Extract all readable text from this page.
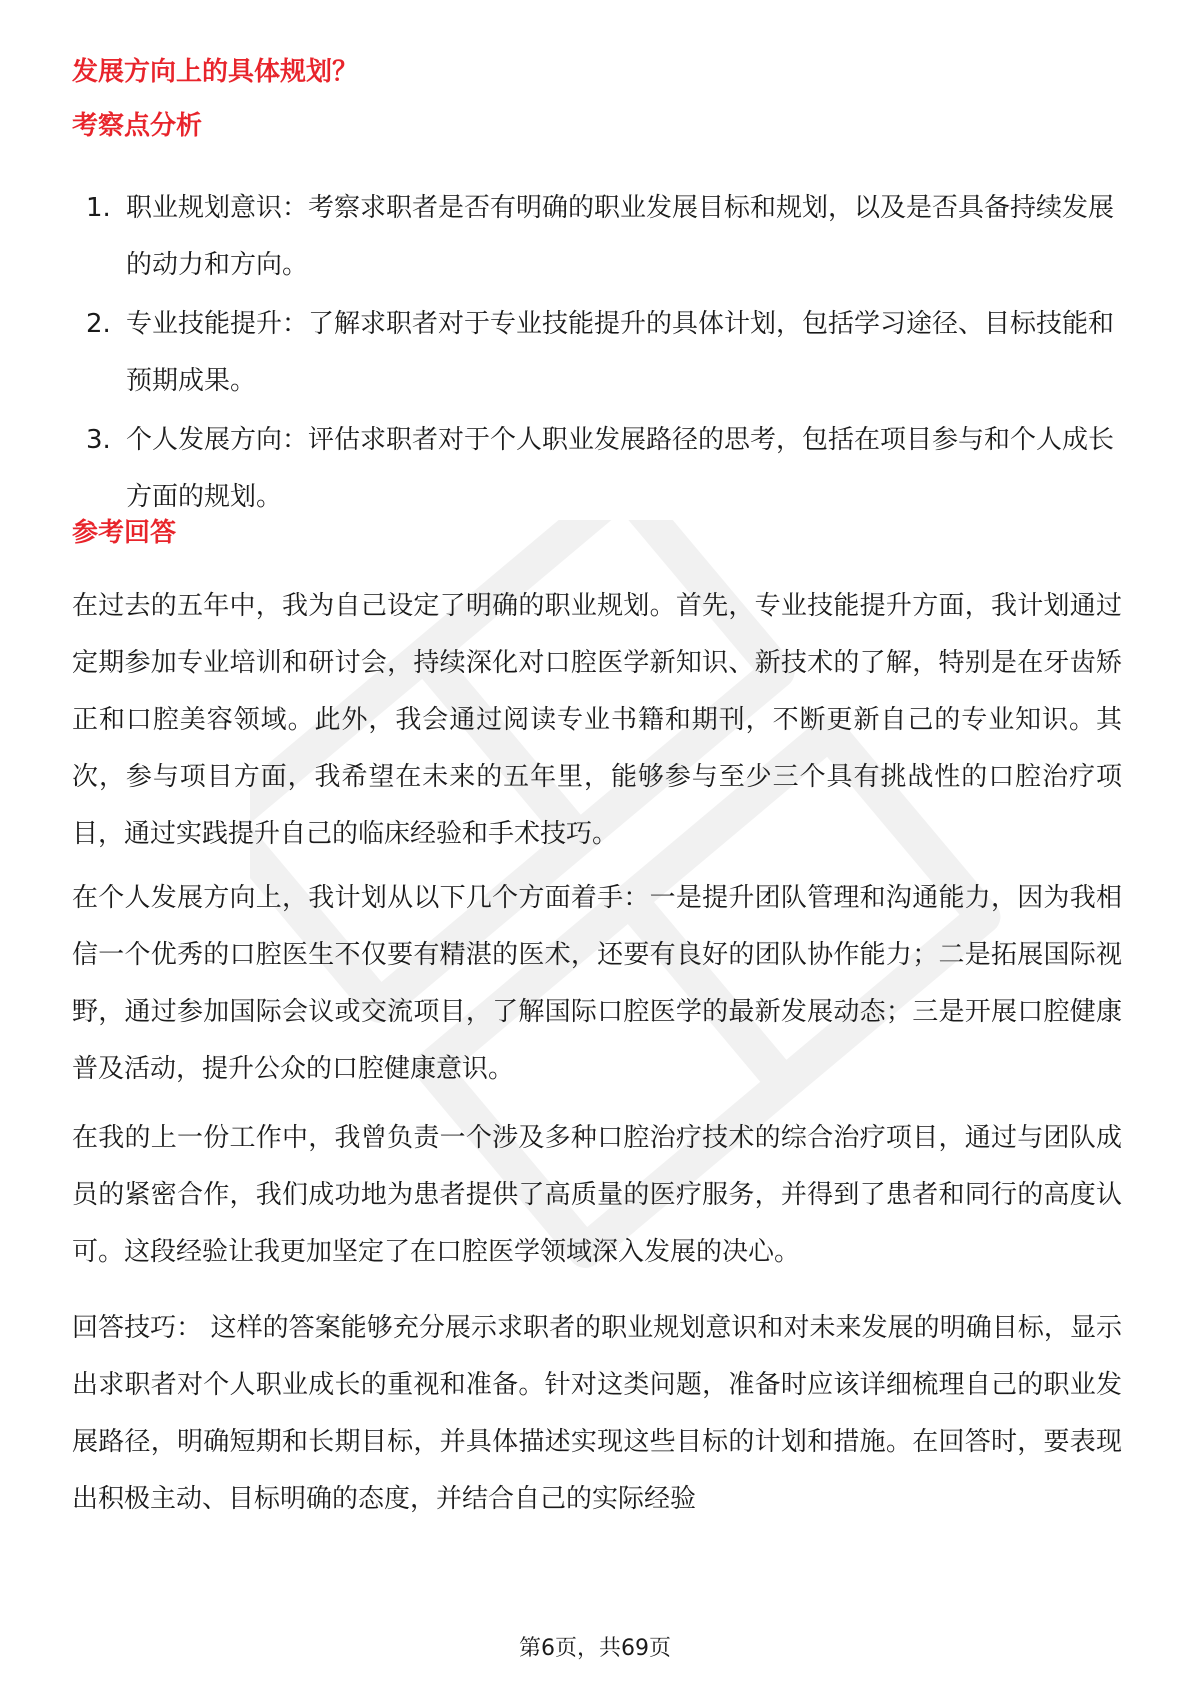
发展方向上的具体规划？
考察点分析
1. 职业规划意识：考察求职者是否有明确的职业发展目标和规划，以及是否具备持续发展的动力和方向。
2. 专业技能提升：了解求职者对于专业技能提升的具体计划，包括学习途径、目标技能和预期成果。
3. 个人发展方向：评估求职者对于个人职业发展路径的思考，包括在项目参与和个人成长方面的规划。
参考回答

在过去的五年中，我为自己设定了明确的职业规划。首先，专业技能提升方面，我计划通过定期参加专业培训和研讨会，持续深化对口腔医学新知识、新技术的了解，特别是在牙齿矫正和口腔美容领域。此外，我会通过阅读专业书籍和期刊，不断更新自己的专业知识。其次，参与项目方面，我希望在未来的五年里，能够参与至少三个具有挑战性的口腔治疗项目，通过实践提升自己的临床经验和手术技巧。

在个人发展方向上，我计划从以下几个方面着手：一是提升团队管理和沟通能力，因为我相信一个优秀的口腔医生不仅要有精湛的医术，还要有良好的团队协作能力；二是拓展国际视野，通过参加国际会议或交流项目，了解国际口腔医学的最新发展动态；三是开展口腔健康普及活动，提升公众的口腔健康意识。

在我的上一份工作中，我曾负责一个涉及多种口腔治疗技术的综合治疗项目，通过与团队成员的紧密合作，我们成功地为患者提供了高质量的医疗服务，并得到了患者和同行的高度认可。这段经验让我更加坚定了在口腔医学领域深入发展的决心。

回答技巧： 这样的答案能够充分展示求职者的职业规划意识和对未来发展的明确目标，显示出求职者对个人职业成长的重视和准备。针对这类问题，准备时应该详细梳理自己的职业发展路径，明确短期和长期目标，并具体描述实现这些目标的计划和措施。在回答时，要表现出积极主动、目标明确的态度，并结合自己的实际经验

第6页，共69页
